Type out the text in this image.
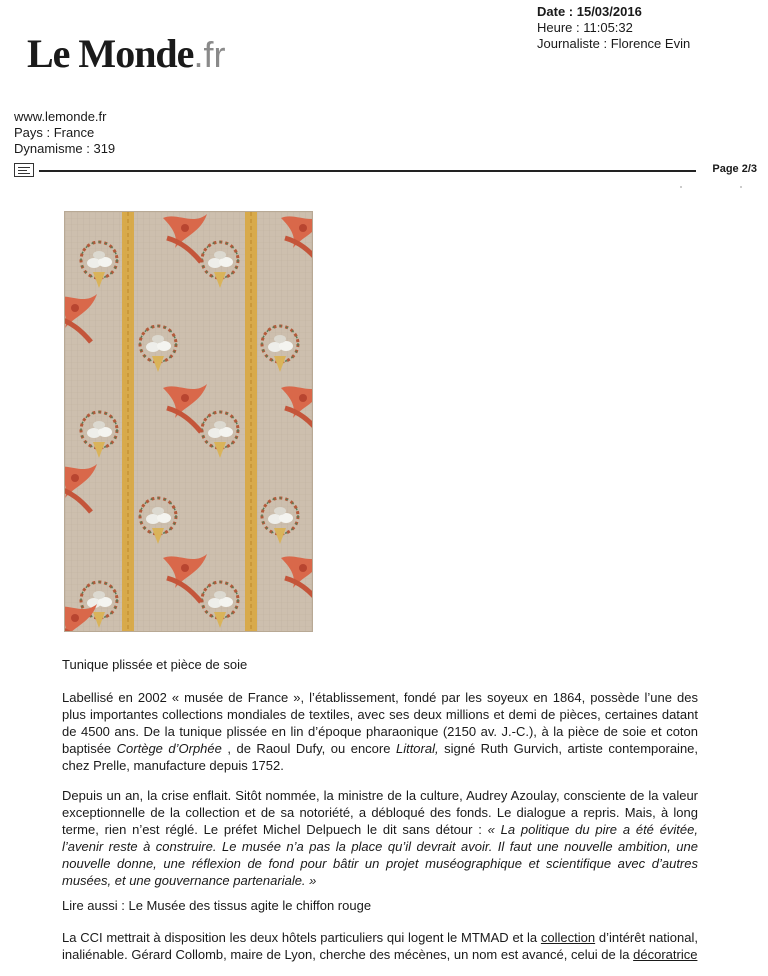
Le Monde.fr
Date : 15/03/2016
Heure : 11:05:32
Journaliste : Florence Evin
www.lemonde.fr
Pays : France
Dynamisme : 319
Page 2/3
Tunique plissée et pièce de soie
Labellisé en 2002 « musée de France », l’établissement, fondé par les soyeux en 1864, possède l’une des plus importantes collections mondiales de textiles, avec ses deux millions et demi de pièces, certaines datant de 4500 ans. De la tunique plissée en lin d’époque pharaonique (2150 av. J.-C.), à la pièce de soie et coton baptisée Cortège d’Orphée , de Raoul Dufy, ou encore Littoral, signé Ruth Gurvich, artiste contemporaine, chez Prelle, manufacture depuis 1752.
Depuis un an, la crise enflait. Sitôt nommée, la ministre de la culture, Audrey Azoulay, consciente de la valeur exceptionnelle de la collection et de sa notoriété, a débloqué des fonds. Le dialogue a repris. Mais, à long terme, rien n’est réglé. Le préfet Michel Delpuech le dit sans détour : « La politique du pire a été évitée, l’avenir reste à construire. Le musée n’a pas la place qu’il devrait avoir. Il faut une nouvelle ambition, une nouvelle donne, une réflexion de fond pour bâtir un projet muséographique et scientifique avec d’autres musées, et une gouvernance partenariale. »
Lire aussi : Le Musée des tissus agite le chiffon rouge
La CCI mettrait à disposition les deux hôtels particuliers qui logent le MTMAD et la collection d’intérêt national, inaliénable. Gérard Collomb, maire de Lyon, cherche des mécènes, un nom est avancé, celui de la décoratrice
